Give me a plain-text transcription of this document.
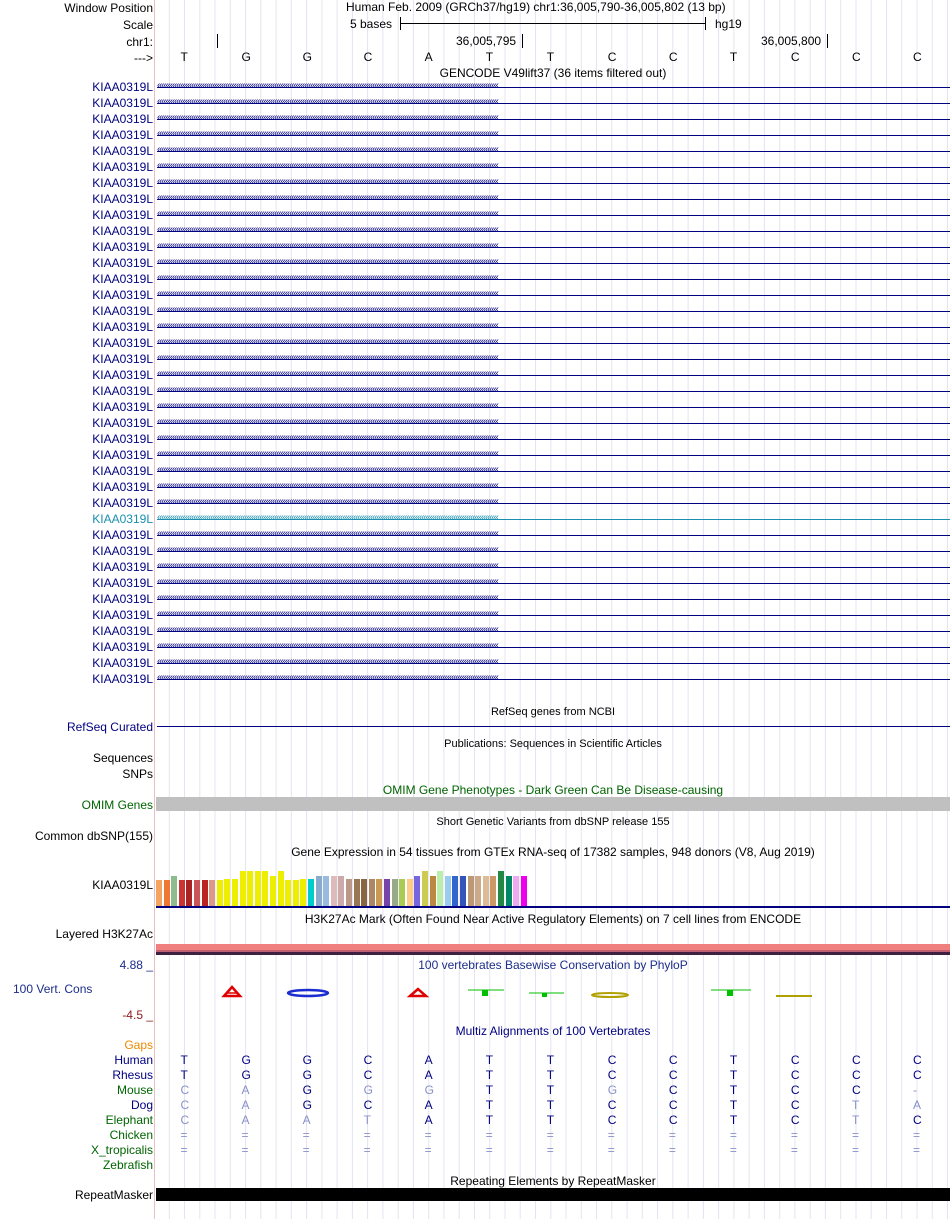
Window Position	Human Feb. 2009 (GRCh37/hg19) chr1:36,005,790-36,005,802 (13 bp)
Scale	5 bases	hg19
chr1:	36,005,795	36,005,800
---> T	G	G	C	A	T	T	C	C	T	C	C	C
GENCODE V49lift37 (36 items filtered out)
KIAA0319L ‹‹‹‹‹‹‹‹‹‹‹‹‹‹‹‹‹‹‹‹‹‹‹‹‹‹‹‹‹‹‹‹‹‹‹‹‹‹‹‹‹‹‹‹‹‹‹‹‹‹‹‹‹‹‹‹‹‹‹‹‹‹‹‹‹‹‹‹‹‹‹‹‹‹‹‹‹‹‹‹‹‹‹‹‹‹‹‹‹‹‹‹‹‹‹‹‹‹‹‹‹‹‹‹‹‹‹‹‹‹‹‹‹‹‹‹‹‹‹‹‹‹‹‹‹‹‹‹‹‹‹‹‹‹‹‹‹‹‹‹‹‹‹‹‹‹‹‹‹‹‹‹‹‹‹‹‹‹‹‹
KIAA0319L ‹‹‹‹‹‹‹‹‹‹‹‹‹‹‹‹‹‹‹‹‹‹‹‹‹‹‹‹‹‹‹‹‹‹‹‹‹‹‹‹‹‹‹‹‹‹‹‹‹‹‹‹‹‹‹‹‹‹‹‹‹‹‹‹‹‹‹‹‹‹‹‹‹‹‹‹‹‹‹‹‹‹‹‹‹‹‹‹‹‹‹‹‹‹‹‹‹‹‹‹‹‹‹‹‹‹‹‹‹‹‹‹‹‹‹‹‹‹‹‹‹‹‹‹‹‹‹‹‹‹‹‹‹‹‹‹‹‹‹‹‹‹‹‹‹‹‹‹‹‹‹‹‹‹‹‹‹‹‹‹
KIAA0319L ‹‹‹‹‹‹‹‹‹‹‹‹‹‹‹‹‹‹‹‹‹‹‹‹‹‹‹‹‹‹‹‹‹‹‹‹‹‹‹‹‹‹‹‹‹‹‹‹‹‹‹‹‹‹‹‹‹‹‹‹‹‹‹‹‹‹‹‹‹‹‹‹‹‹‹‹‹‹‹‹‹‹‹‹‹‹‹‹‹‹‹‹‹‹‹‹‹‹‹‹‹‹‹‹‹‹‹‹‹‹‹‹‹‹‹‹‹‹‹‹‹‹‹‹‹‹‹‹‹‹‹‹‹‹‹‹‹‹‹‹‹‹‹‹‹‹‹‹‹‹‹‹‹‹‹‹‹‹‹‹
KIAA0319L ‹‹‹‹‹‹‹‹‹‹‹‹‹‹‹‹‹‹‹‹‹‹‹‹‹‹‹‹‹‹‹‹‹‹‹‹‹‹‹‹‹‹‹‹‹‹‹‹‹‹‹‹‹‹‹‹‹‹‹‹‹‹‹‹‹‹‹‹‹‹‹‹‹‹‹‹‹‹‹‹‹‹‹‹‹‹‹‹‹‹‹‹‹‹‹‹‹‹‹‹‹‹‹‹‹‹‹‹‹‹‹‹‹‹‹‹‹‹‹‹‹‹‹‹‹‹‹‹‹‹‹‹‹‹‹‹‹‹‹‹‹‹‹‹‹‹‹‹‹‹‹‹‹‹‹‹‹‹‹‹
KIAA0319L ‹‹‹‹‹‹‹‹‹‹‹‹‹‹‹‹‹‹‹‹‹‹‹‹‹‹‹‹‹‹‹‹‹‹‹‹‹‹‹‹‹‹‹‹‹‹‹‹‹‹‹‹‹‹‹‹‹‹‹‹‹‹‹‹‹‹‹‹‹‹‹‹‹‹‹‹‹‹‹‹‹‹‹‹‹‹‹‹‹‹‹‹‹‹‹‹‹‹‹‹‹‹‹‹‹‹‹‹‹‹‹‹‹‹‹‹‹‹‹‹‹‹‹‹‹‹‹‹‹‹‹‹‹‹‹‹‹‹‹‹‹‹‹‹‹‹‹‹‹‹‹‹‹‹‹‹‹‹‹‹
KIAA0319L ‹‹‹‹‹‹‹‹‹‹‹‹‹‹‹‹‹‹‹‹‹‹‹‹‹‹‹‹‹‹‹‹‹‹‹‹‹‹‹‹‹‹‹‹‹‹‹‹‹‹‹‹‹‹‹‹‹‹‹‹‹‹‹‹‹‹‹‹‹‹‹‹‹‹‹‹‹‹‹‹‹‹‹‹‹‹‹‹‹‹‹‹‹‹‹‹‹‹‹‹‹‹‹‹‹‹‹‹‹‹‹‹‹‹‹‹‹‹‹‹‹‹‹‹‹‹‹‹‹‹‹‹‹‹‹‹‹‹‹‹‹‹‹‹‹‹‹‹‹‹‹‹‹‹‹‹‹‹‹‹
KIAA0319L ‹‹‹‹‹‹‹‹‹‹‹‹‹‹‹‹‹‹‹‹‹‹‹‹‹‹‹‹‹‹‹‹‹‹‹‹‹‹‹‹‹‹‹‹‹‹‹‹‹‹‹‹‹‹‹‹‹‹‹‹‹‹‹‹‹‹‹‹‹‹‹‹‹‹‹‹‹‹‹‹‹‹‹‹‹‹‹‹‹‹‹‹‹‹‹‹‹‹‹‹‹‹‹‹‹‹‹‹‹‹‹‹‹‹‹‹‹‹‹‹‹‹‹‹‹‹‹‹‹‹‹‹‹‹‹‹‹‹‹‹‹‹‹‹‹‹‹‹‹‹‹‹‹‹‹‹‹‹‹‹
KIAA0319L ‹‹‹‹‹‹‹‹‹‹‹‹‹‹‹‹‹‹‹‹‹‹‹‹‹‹‹‹‹‹‹‹‹‹‹‹‹‹‹‹‹‹‹‹‹‹‹‹‹‹‹‹‹‹‹‹‹‹‹‹‹‹‹‹‹‹‹‹‹‹‹‹‹‹‹‹‹‹‹‹‹‹‹‹‹‹‹‹‹‹‹‹‹‹‹‹‹‹‹‹‹‹‹‹‹‹‹‹‹‹‹‹‹‹‹‹‹‹‹‹‹‹‹‹‹‹‹‹‹‹‹‹‹‹‹‹‹‹‹‹‹‹‹‹‹‹‹‹‹‹‹‹‹‹‹‹‹‹‹‹
KIAA0319L ‹‹‹‹‹‹‹‹‹‹‹‹‹‹‹‹‹‹‹‹‹‹‹‹‹‹‹‹‹‹‹‹‹‹‹‹‹‹‹‹‹‹‹‹‹‹‹‹‹‹‹‹‹‹‹‹‹‹‹‹‹‹‹‹‹‹‹‹‹‹‹‹‹‹‹‹‹‹‹‹‹‹‹‹‹‹‹‹‹‹‹‹‹‹‹‹‹‹‹‹‹‹‹‹‹‹‹‹‹‹‹‹‹‹‹‹‹‹‹‹‹‹‹‹‹‹‹‹‹‹‹‹‹‹‹‹‹‹‹‹‹‹‹‹‹‹‹‹‹‹‹‹‹‹‹‹‹‹‹‹
KIAA0319L ‹‹‹‹‹‹‹‹‹‹‹‹‹‹‹‹‹‹‹‹‹‹‹‹‹‹‹‹‹‹‹‹‹‹‹‹‹‹‹‹‹‹‹‹‹‹‹‹‹‹‹‹‹‹‹‹‹‹‹‹‹‹‹‹‹‹‹‹‹‹‹‹‹‹‹‹‹‹‹‹‹‹‹‹‹‹‹‹‹‹‹‹‹‹‹‹‹‹‹‹‹‹‹‹‹‹‹‹‹‹‹‹‹‹‹‹‹‹‹‹‹‹‹‹‹‹‹‹‹‹‹‹‹‹‹‹‹‹‹‹‹‹‹‹‹‹‹‹‹‹‹‹‹‹‹‹‹‹‹‹
KIAA0319L ‹‹‹‹‹‹‹‹‹‹‹‹‹‹‹‹‹‹‹‹‹‹‹‹‹‹‹‹‹‹‹‹‹‹‹‹‹‹‹‹‹‹‹‹‹‹‹‹‹‹‹‹‹‹‹‹‹‹‹‹‹‹‹‹‹‹‹‹‹‹‹‹‹‹‹‹‹‹‹‹‹‹‹‹‹‹‹‹‹‹‹‹‹‹‹‹‹‹‹‹‹‹‹‹‹‹‹‹‹‹‹‹‹‹‹‹‹‹‹‹‹‹‹‹‹‹‹‹‹‹‹‹‹‹‹‹‹‹‹‹‹‹‹‹‹‹‹‹‹‹‹‹‹‹‹‹‹‹‹‹
KIAA0319L ‹‹‹‹‹‹‹‹‹‹‹‹‹‹‹‹‹‹‹‹‹‹‹‹‹‹‹‹‹‹‹‹‹‹‹‹‹‹‹‹‹‹‹‹‹‹‹‹‹‹‹‹‹‹‹‹‹‹‹‹‹‹‹‹‹‹‹‹‹‹‹‹‹‹‹‹‹‹‹‹‹‹‹‹‹‹‹‹‹‹‹‹‹‹‹‹‹‹‹‹‹‹‹‹‹‹‹‹‹‹‹‹‹‹‹‹‹‹‹‹‹‹‹‹‹‹‹‹‹‹‹‹‹‹‹‹‹‹‹‹‹‹‹‹‹‹‹‹‹‹‹‹‹‹‹‹‹‹‹‹
KIAA0319L ‹‹‹‹‹‹‹‹‹‹‹‹‹‹‹‹‹‹‹‹‹‹‹‹‹‹‹‹‹‹‹‹‹‹‹‹‹‹‹‹‹‹‹‹‹‹‹‹‹‹‹‹‹‹‹‹‹‹‹‹‹‹‹‹‹‹‹‹‹‹‹‹‹‹‹‹‹‹‹‹‹‹‹‹‹‹‹‹‹‹‹‹‹‹‹‹‹‹‹‹‹‹‹‹‹‹‹‹‹‹‹‹‹‹‹‹‹‹‹‹‹‹‹‹‹‹‹‹‹‹‹‹‹‹‹‹‹‹‹‹‹‹‹‹‹‹‹‹‹‹‹‹‹‹‹‹‹‹‹‹
KIAA0319L ‹‹‹‹‹‹‹‹‹‹‹‹‹‹‹‹‹‹‹‹‹‹‹‹‹‹‹‹‹‹‹‹‹‹‹‹‹‹‹‹‹‹‹‹‹‹‹‹‹‹‹‹‹‹‹‹‹‹‹‹‹‹‹‹‹‹‹‹‹‹‹‹‹‹‹‹‹‹‹‹‹‹‹‹‹‹‹‹‹‹‹‹‹‹‹‹‹‹‹‹‹‹‹‹‹‹‹‹‹‹‹‹‹‹‹‹‹‹‹‹‹‹‹‹‹‹‹‹‹‹‹‹‹‹‹‹‹‹‹‹‹‹‹‹‹‹‹‹‹‹‹‹‹‹‹‹‹‹‹‹
KIAA0319L ‹‹‹‹‹‹‹‹‹‹‹‹‹‹‹‹‹‹‹‹‹‹‹‹‹‹‹‹‹‹‹‹‹‹‹‹‹‹‹‹‹‹‹‹‹‹‹‹‹‹‹‹‹‹‹‹‹‹‹‹‹‹‹‹‹‹‹‹‹‹‹‹‹‹‹‹‹‹‹‹‹‹‹‹‹‹‹‹‹‹‹‹‹‹‹‹‹‹‹‹‹‹‹‹‹‹‹‹‹‹‹‹‹‹‹‹‹‹‹‹‹‹‹‹‹‹‹‹‹‹‹‹‹‹‹‹‹‹‹‹‹‹‹‹‹‹‹‹‹‹‹‹‹‹‹‹‹‹‹‹
KIAA0319L ‹‹‹‹‹‹‹‹‹‹‹‹‹‹‹‹‹‹‹‹‹‹‹‹‹‹‹‹‹‹‹‹‹‹‹‹‹‹‹‹‹‹‹‹‹‹‹‹‹‹‹‹‹‹‹‹‹‹‹‹‹‹‹‹‹‹‹‹‹‹‹‹‹‹‹‹‹‹‹‹‹‹‹‹‹‹‹‹‹‹‹‹‹‹‹‹‹‹‹‹‹‹‹‹‹‹‹‹‹‹‹‹‹‹‹‹‹‹‹‹‹‹‹‹‹‹‹‹‹‹‹‹‹‹‹‹‹‹‹‹‹‹‹‹‹‹‹‹‹‹‹‹‹‹‹‹‹‹‹‹
KIAA0319L ‹‹‹‹‹‹‹‹‹‹‹‹‹‹‹‹‹‹‹‹‹‹‹‹‹‹‹‹‹‹‹‹‹‹‹‹‹‹‹‹‹‹‹‹‹‹‹‹‹‹‹‹‹‹‹‹‹‹‹‹‹‹‹‹‹‹‹‹‹‹‹‹‹‹‹‹‹‹‹‹‹‹‹‹‹‹‹‹‹‹‹‹‹‹‹‹‹‹‹‹‹‹‹‹‹‹‹‹‹‹‹‹‹‹‹‹‹‹‹‹‹‹‹‹‹‹‹‹‹‹‹‹‹‹‹‹‹‹‹‹‹‹‹‹‹‹‹‹‹‹‹‹‹‹‹‹‹‹‹‹
KIAA0319L ‹‹‹‹‹‹‹‹‹‹‹‹‹‹‹‹‹‹‹‹‹‹‹‹‹‹‹‹‹‹‹‹‹‹‹‹‹‹‹‹‹‹‹‹‹‹‹‹‹‹‹‹‹‹‹‹‹‹‹‹‹‹‹‹‹‹‹‹‹‹‹‹‹‹‹‹‹‹‹‹‹‹‹‹‹‹‹‹‹‹‹‹‹‹‹‹‹‹‹‹‹‹‹‹‹‹‹‹‹‹‹‹‹‹‹‹‹‹‹‹‹‹‹‹‹‹‹‹‹‹‹‹‹‹‹‹‹‹‹‹‹‹‹‹‹‹‹‹‹‹‹‹‹‹‹‹‹‹‹‹
KIAA0319L ‹‹‹‹‹‹‹‹‹‹‹‹‹‹‹‹‹‹‹‹‹‹‹‹‹‹‹‹‹‹‹‹‹‹‹‹‹‹‹‹‹‹‹‹‹‹‹‹‹‹‹‹‹‹‹‹‹‹‹‹‹‹‹‹‹‹‹‹‹‹‹‹‹‹‹‹‹‹‹‹‹‹‹‹‹‹‹‹‹‹‹‹‹‹‹‹‹‹‹‹‹‹‹‹‹‹‹‹‹‹‹‹‹‹‹‹‹‹‹‹‹‹‹‹‹‹‹‹‹‹‹‹‹‹‹‹‹‹‹‹‹‹‹‹‹‹‹‹‹‹‹‹‹‹‹‹‹‹‹‹
KIAA0319L ‹‹‹‹‹‹‹‹‹‹‹‹‹‹‹‹‹‹‹‹‹‹‹‹‹‹‹‹‹‹‹‹‹‹‹‹‹‹‹‹‹‹‹‹‹‹‹‹‹‹‹‹‹‹‹‹‹‹‹‹‹‹‹‹‹‹‹‹‹‹‹‹‹‹‹‹‹‹‹‹‹‹‹‹‹‹‹‹‹‹‹‹‹‹‹‹‹‹‹‹‹‹‹‹‹‹‹‹‹‹‹‹‹‹‹‹‹‹‹‹‹‹‹‹‹‹‹‹‹‹‹‹‹‹‹‹‹‹‹‹‹‹‹‹‹‹‹‹‹‹‹‹‹‹‹‹‹‹‹‹
KIAA0319L ‹‹‹‹‹‹‹‹‹‹‹‹‹‹‹‹‹‹‹‹‹‹‹‹‹‹‹‹‹‹‹‹‹‹‹‹‹‹‹‹‹‹‹‹‹‹‹‹‹‹‹‹‹‹‹‹‹‹‹‹‹‹‹‹‹‹‹‹‹‹‹‹‹‹‹‹‹‹‹‹‹‹‹‹‹‹‹‹‹‹‹‹‹‹‹‹‹‹‹‹‹‹‹‹‹‹‹‹‹‹‹‹‹‹‹‹‹‹‹‹‹‹‹‹‹‹‹‹‹‹‹‹‹‹‹‹‹‹‹‹‹‹‹‹‹‹‹‹‹‹‹‹‹‹‹‹‹‹‹‹
KIAA0319L ‹‹‹‹‹‹‹‹‹‹‹‹‹‹‹‹‹‹‹‹‹‹‹‹‹‹‹‹‹‹‹‹‹‹‹‹‹‹‹‹‹‹‹‹‹‹‹‹‹‹‹‹‹‹‹‹‹‹‹‹‹‹‹‹‹‹‹‹‹‹‹‹‹‹‹‹‹‹‹‹‹‹‹‹‹‹‹‹‹‹‹‹‹‹‹‹‹‹‹‹‹‹‹‹‹‹‹‹‹‹‹‹‹‹‹‹‹‹‹‹‹‹‹‹‹‹‹‹‹‹‹‹‹‹‹‹‹‹‹‹‹‹‹‹‹‹‹‹‹‹‹‹‹‹‹‹‹‹‹‹
KIAA0319L ‹‹‹‹‹‹‹‹‹‹‹‹‹‹‹‹‹‹‹‹‹‹‹‹‹‹‹‹‹‹‹‹‹‹‹‹‹‹‹‹‹‹‹‹‹‹‹‹‹‹‹‹‹‹‹‹‹‹‹‹‹‹‹‹‹‹‹‹‹‹‹‹‹‹‹‹‹‹‹‹‹‹‹‹‹‹‹‹‹‹‹‹‹‹‹‹‹‹‹‹‹‹‹‹‹‹‹‹‹‹‹‹‹‹‹‹‹‹‹‹‹‹‹‹‹‹‹‹‹‹‹‹‹‹‹‹‹‹‹‹‹‹‹‹‹‹‹‹‹‹‹‹‹‹‹‹‹‹‹‹
KIAA0319L ‹‹‹‹‹‹‹‹‹‹‹‹‹‹‹‹‹‹‹‹‹‹‹‹‹‹‹‹‹‹‹‹‹‹‹‹‹‹‹‹‹‹‹‹‹‹‹‹‹‹‹‹‹‹‹‹‹‹‹‹‹‹‹‹‹‹‹‹‹‹‹‹‹‹‹‹‹‹‹‹‹‹‹‹‹‹‹‹‹‹‹‹‹‹‹‹‹‹‹‹‹‹‹‹‹‹‹‹‹‹‹‹‹‹‹‹‹‹‹‹‹‹‹‹‹‹‹‹‹‹‹‹‹‹‹‹‹‹‹‹‹‹‹‹‹‹‹‹‹‹‹‹‹‹‹‹‹‹‹‹
KIAA0319L ‹‹‹‹‹‹‹‹‹‹‹‹‹‹‹‹‹‹‹‹‹‹‹‹‹‹‹‹‹‹‹‹‹‹‹‹‹‹‹‹‹‹‹‹‹‹‹‹‹‹‹‹‹‹‹‹‹‹‹‹‹‹‹‹‹‹‹‹‹‹‹‹‹‹‹‹‹‹‹‹‹‹‹‹‹‹‹‹‹‹‹‹‹‹‹‹‹‹‹‹‹‹‹‹‹‹‹‹‹‹‹‹‹‹‹‹‹‹‹‹‹‹‹‹‹‹‹‹‹‹‹‹‹‹‹‹‹‹‹‹‹‹‹‹‹‹‹‹‹‹‹‹‹‹‹‹‹‹‹‹
KIAA0319L ‹‹‹‹‹‹‹‹‹‹‹‹‹‹‹‹‹‹‹‹‹‹‹‹‹‹‹‹‹‹‹‹‹‹‹‹‹‹‹‹‹‹‹‹‹‹‹‹‹‹‹‹‹‹‹‹‹‹‹‹‹‹‹‹‹‹‹‹‹‹‹‹‹‹‹‹‹‹‹‹‹‹‹‹‹‹‹‹‹‹‹‹‹‹‹‹‹‹‹‹‹‹‹‹‹‹‹‹‹‹‹‹‹‹‹‹‹‹‹‹‹‹‹‹‹‹‹‹‹‹‹‹‹‹‹‹‹‹‹‹‹‹‹‹‹‹‹‹‹‹‹‹‹‹‹‹‹‹‹‹
KIAA0319L ‹‹‹‹‹‹‹‹‹‹‹‹‹‹‹‹‹‹‹‹‹‹‹‹‹‹‹‹‹‹‹‹‹‹‹‹‹‹‹‹‹‹‹‹‹‹‹‹‹‹‹‹‹‹‹‹‹‹‹‹‹‹‹‹‹‹‹‹‹‹‹‹‹‹‹‹‹‹‹‹‹‹‹‹‹‹‹‹‹‹‹‹‹‹‹‹‹‹‹‹‹‹‹‹‹‹‹‹‹‹‹‹‹‹‹‹‹‹‹‹‹‹‹‹‹‹‹‹‹‹‹‹‹‹‹‹‹‹‹‹‹‹‹‹‹‹‹‹‹‹‹‹‹‹‹‹‹‹‹‹
KIAA0319L ‹‹‹‹‹‹‹‹‹‹‹‹‹‹‹‹‹‹‹‹‹‹‹‹‹‹‹‹‹‹‹‹‹‹‹‹‹‹‹‹‹‹‹‹‹‹‹‹‹‹‹‹‹‹‹‹‹‹‹‹‹‹‹‹‹‹‹‹‹‹‹‹‹‹‹‹‹‹‹‹‹‹‹‹‹‹‹‹‹‹‹‹‹‹‹‹‹‹‹‹‹‹‹‹‹‹‹‹‹‹‹‹‹‹‹‹‹‹‹‹‹‹‹‹‹‹‹‹‹‹‹‹‹‹‹‹‹‹‹‹‹‹‹‹‹‹‹‹‹‹‹‹‹‹‹‹‹‹‹‹
KIAA0319L ‹‹‹‹‹‹‹‹‹‹‹‹‹‹‹‹‹‹‹‹‹‹‹‹‹‹‹‹‹‹‹‹‹‹‹‹‹‹‹‹‹‹‹‹‹‹‹‹‹‹‹‹‹‹‹‹‹‹‹‹‹‹‹‹‹‹‹‹‹‹‹‹‹‹‹‹‹‹‹‹‹‹‹‹‹‹‹‹‹‹‹‹‹‹‹‹‹‹‹‹‹‹‹‹‹‹‹‹‹‹‹‹‹‹‹‹‹‹‹‹‹‹‹‹‹‹‹‹‹‹‹‹‹‹‹‹‹‹‹‹‹‹‹‹‹‹‹‹‹‹‹‹‹‹‹‹‹‹‹‹
KIAA0319L ‹‹‹‹‹‹‹‹‹‹‹‹‹‹‹‹‹‹‹‹‹‹‹‹‹‹‹‹‹‹‹‹‹‹‹‹‹‹‹‹‹‹‹‹‹‹‹‹‹‹‹‹‹‹‹‹‹‹‹‹‹‹‹‹‹‹‹‹‹‹‹‹‹‹‹‹‹‹‹‹‹‹‹‹‹‹‹‹‹‹‹‹‹‹‹‹‹‹‹‹‹‹‹‹‹‹‹‹‹‹‹‹‹‹‹‹‹‹‹‹‹‹‹‹‹‹‹‹‹‹‹‹‹‹‹‹‹‹‹‹‹‹‹‹‹‹‹‹‹‹‹‹‹‹‹‹‹‹‹‹
KIAA0319L ‹‹‹‹‹‹‹‹‹‹‹‹‹‹‹‹‹‹‹‹‹‹‹‹‹‹‹‹‹‹‹‹‹‹‹‹‹‹‹‹‹‹‹‹‹‹‹‹‹‹‹‹‹‹‹‹‹‹‹‹‹‹‹‹‹‹‹‹‹‹‹‹‹‹‹‹‹‹‹‹‹‹‹‹‹‹‹‹‹‹‹‹‹‹‹‹‹‹‹‹‹‹‹‹‹‹‹‹‹‹‹‹‹‹‹‹‹‹‹‹‹‹‹‹‹‹‹‹‹‹‹‹‹‹‹‹‹‹‹‹‹‹‹‹‹‹‹‹‹‹‹‹‹‹‹‹‹‹‹‹
KIAA0319L ‹‹‹‹‹‹‹‹‹‹‹‹‹‹‹‹‹‹‹‹‹‹‹‹‹‹‹‹‹‹‹‹‹‹‹‹‹‹‹‹‹‹‹‹‹‹‹‹‹‹‹‹‹‹‹‹‹‹‹‹‹‹‹‹‹‹‹‹‹‹‹‹‹‹‹‹‹‹‹‹‹‹‹‹‹‹‹‹‹‹‹‹‹‹‹‹‹‹‹‹‹‹‹‹‹‹‹‹‹‹‹‹‹‹‹‹‹‹‹‹‹‹‹‹‹‹‹‹‹‹‹‹‹‹‹‹‹‹‹‹‹‹‹‹‹‹‹‹‹‹‹‹‹‹‹‹‹‹‹‹
KIAA0319L ‹‹‹‹‹‹‹‹‹‹‹‹‹‹‹‹‹‹‹‹‹‹‹‹‹‹‹‹‹‹‹‹‹‹‹‹‹‹‹‹‹‹‹‹‹‹‹‹‹‹‹‹‹‹‹‹‹‹‹‹‹‹‹‹‹‹‹‹‹‹‹‹‹‹‹‹‹‹‹‹‹‹‹‹‹‹‹‹‹‹‹‹‹‹‹‹‹‹‹‹‹‹‹‹‹‹‹‹‹‹‹‹‹‹‹‹‹‹‹‹‹‹‹‹‹‹‹‹‹‹‹‹‹‹‹‹‹‹‹‹‹‹‹‹‹‹‹‹‹‹‹‹‹‹‹‹‹‹‹‹
KIAA0319L ‹‹‹‹‹‹‹‹‹‹‹‹‹‹‹‹‹‹‹‹‹‹‹‹‹‹‹‹‹‹‹‹‹‹‹‹‹‹‹‹‹‹‹‹‹‹‹‹‹‹‹‹‹‹‹‹‹‹‹‹‹‹‹‹‹‹‹‹‹‹‹‹‹‹‹‹‹‹‹‹‹‹‹‹‹‹‹‹‹‹‹‹‹‹‹‹‹‹‹‹‹‹‹‹‹‹‹‹‹‹‹‹‹‹‹‹‹‹‹‹‹‹‹‹‹‹‹‹‹‹‹‹‹‹‹‹‹‹‹‹‹‹‹‹‹‹‹‹‹‹‹‹‹‹‹‹‹‹‹‹
KIAA0319L ‹‹‹‹‹‹‹‹‹‹‹‹‹‹‹‹‹‹‹‹‹‹‹‹‹‹‹‹‹‹‹‹‹‹‹‹‹‹‹‹‹‹‹‹‹‹‹‹‹‹‹‹‹‹‹‹‹‹‹‹‹‹‹‹‹‹‹‹‹‹‹‹‹‹‹‹‹‹‹‹‹‹‹‹‹‹‹‹‹‹‹‹‹‹‹‹‹‹‹‹‹‹‹‹‹‹‹‹‹‹‹‹‹‹‹‹‹‹‹‹‹‹‹‹‹‹‹‹‹‹‹‹‹‹‹‹‹‹‹‹‹‹‹‹‹‹‹‹‹‹‹‹‹‹‹‹‹‹‹‹
KIAA0319L ‹‹‹‹‹‹‹‹‹‹‹‹‹‹‹‹‹‹‹‹‹‹‹‹‹‹‹‹‹‹‹‹‹‹‹‹‹‹‹‹‹‹‹‹‹‹‹‹‹‹‹‹‹‹‹‹‹‹‹‹‹‹‹‹‹‹‹‹‹‹‹‹‹‹‹‹‹‹‹‹‹‹‹‹‹‹‹‹‹‹‹‹‹‹‹‹‹‹‹‹‹‹‹‹‹‹‹‹‹‹‹‹‹‹‹‹‹‹‹‹‹‹‹‹‹‹‹‹‹‹‹‹‹‹‹‹‹‹‹‹‹‹‹‹‹‹‹‹‹‹‹‹‹‹‹‹‹‹‹‹
KIAA0319L ‹‹‹‹‹‹‹‹‹‹‹‹‹‹‹‹‹‹‹‹‹‹‹‹‹‹‹‹‹‹‹‹‹‹‹‹‹‹‹‹‹‹‹‹‹‹‹‹‹‹‹‹‹‹‹‹‹‹‹‹‹‹‹‹‹‹‹‹‹‹‹‹‹‹‹‹‹‹‹‹‹‹‹‹‹‹‹‹‹‹‹‹‹‹‹‹‹‹‹‹‹‹‹‹‹‹‹‹‹‹‹‹‹‹‹‹‹‹‹‹‹‹‹‹‹‹‹‹‹‹‹‹‹‹‹‹‹‹‹‹‹‹‹‹‹‹‹‹‹‹‹‹‹‹‹‹‹‹‹‹
KIAA0319L ‹‹‹‹‹‹‹‹‹‹‹‹‹‹‹‹‹‹‹‹‹‹‹‹‹‹‹‹‹‹‹‹‹‹‹‹‹‹‹‹‹‹‹‹‹‹‹‹‹‹‹‹‹‹‹‹‹‹‹‹‹‹‹‹‹‹‹‹‹‹‹‹‹‹‹‹‹‹‹‹‹‹‹‹‹‹‹‹‹‹‹‹‹‹‹‹‹‹‹‹‹‹‹‹‹‹‹‹‹‹‹‹‹‹‹‹‹‹‹‹‹‹‹‹‹‹‹‹‹‹‹‹‹‹‹‹‹‹‹‹‹‹‹‹‹‹‹‹‹‹‹‹‹‹‹‹‹‹‹‹
RefSeq genes from NCBI
RefSeq Curated
Publications: Sequences in Scientific Articles
Sequences
SNPs
OMIM Gene Phenotypes - Dark Green Can Be Disease-causing
OMIM Genes
Short Genetic Variants from dbSNP release 155
Common dbSNP(155)
Gene Expression in 54 tissues from GTEx RNA-seq of 17382 samples, 948 donors (V8, Aug 2019)
KIAA0319L
H3K27Ac Mark (Often Found Near Active Regulatory Elements) on 7 cell lines from ENCODE
Layered H3K27Ac
100 vertebrates Basewise Conservation by PhyloP
4.88 _
100 Vert. Cons
-4.5 _
Multiz Alignments of 100 Vertebrates
Gaps
Human T	G	G	C	A	T	T	C	C	T	C	C	C
Rhesus T	G	G	C	A	T	T	C	C	T	C	C	C
Mouse C	A	G	G	G	T	T	G	C	T	C	C	-
Dog C	A	G	C	A	T	T	C	C	T	C	T	A
Elephant C	A	A	T	A	T	T	C	C	T	C	T	C
Chicken =	=	=	=	=	=	=	=	=	=	=	=	=
X_tropicalis =	=	=	=	=	=	=	=	=	=	=	=	=
Zebrafish
Repeating Elements by RepeatMasker
RepeatMasker
